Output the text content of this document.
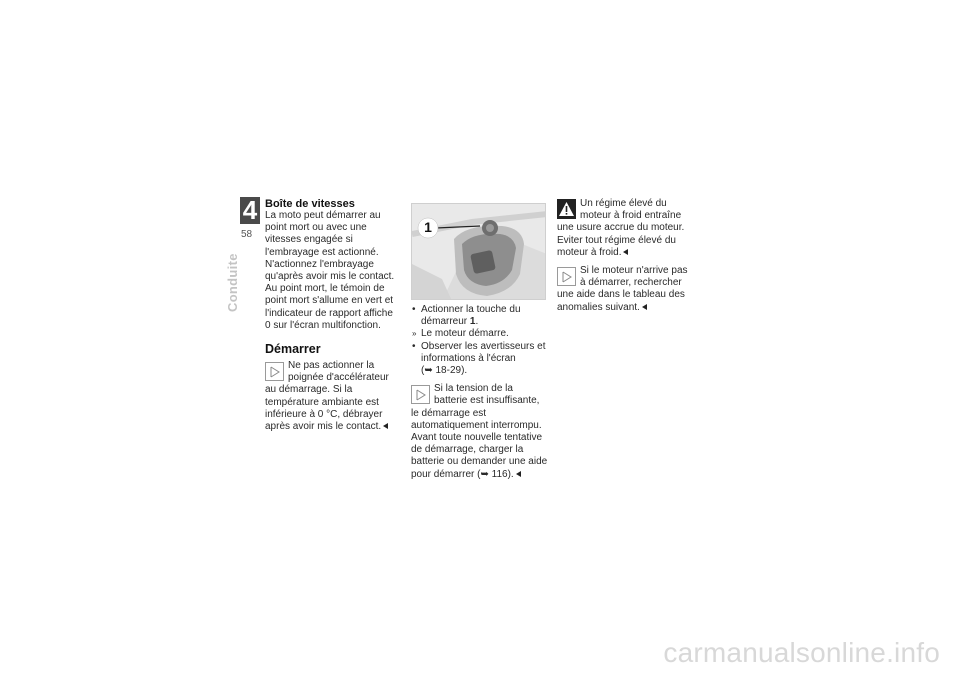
4
58
Conduite
Boîte de vitesses

La moto peut démarrer au point mort ou avec une vitesses engagée si l'embrayage est actionné. N'actionnez l'embrayage qu'après avoir mis le contact.

Au point mort, le témoin de point mort s'allume en vert et l'indicateur de rapport affiche 0 sur l'écran multifonction.

Démarrer
Ne pas actionner la poignée d'accélérateur au démarrage. Si la température ambiante est inférieure à 0 °C, débrayer après avoir mis le contact.
1
• Actionner la touche du démarreur 1.
» Le moteur démarre.
• Observer les avertisseurs et informations à l'écran
(➥ 18-29).
Si la tension de la batterie est insuffisante, le démarrage est automatiquement interrompu.

Avant toute nouvelle tentative de démarrage, charger la batterie ou demander une aide pour démarrer (➥ 116).

Un régime élevé du moteur à froid entraîne une usure accrue du moteur. Eviter tout régime élevé du moteur à froid.
Si le moteur n'arrive pas à démarrer, rechercher une aide dans le tableau des anomalies suivant.
carmanualsonline.info
